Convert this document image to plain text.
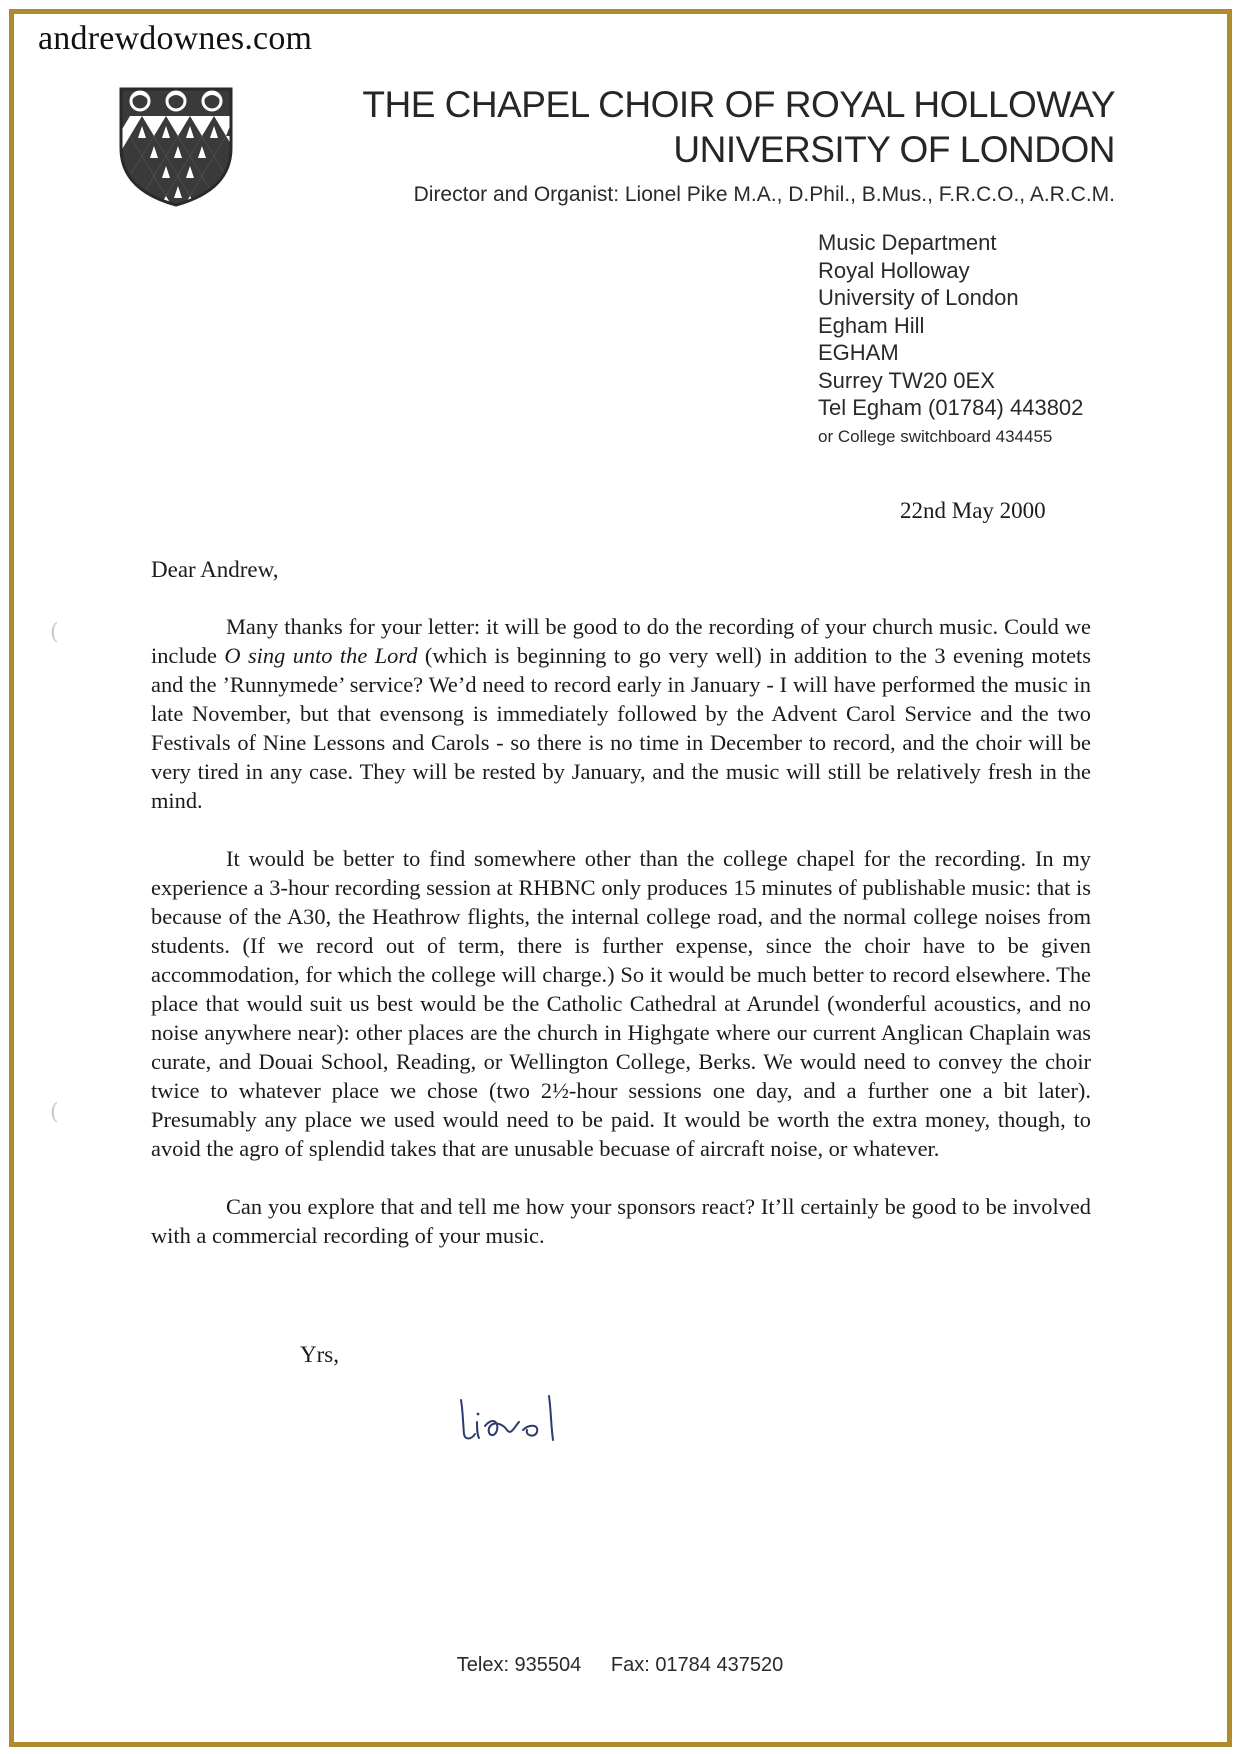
andrewdownes.com
THE CHAPEL CHOIR OF ROYAL HOLLOWAY
UNIVERSITY OF LONDON
Director and Organist: Lionel Pike M.A., D.Phil., B.Mus., F.R.C.O., A.R.C.M.
Music Department
Royal Holloway
University of London
Egham Hill
EGHAM
Surrey TW20 0EX
Tel Egham (01784) 443802
or College switchboard 434455
22nd May 2000
Dear Andrew,

Many thanks for your letter: it will be good to do the recording of your church music. Could we include O sing unto the Lord (which is beginning to go very well) in addition to the 3 evening motets and the ’Runnymede’ service? We’d need to record early in January - I will have performed the music in late November, but that evensong is immediately followed by the Advent Carol Service and the two Festivals of Nine Lessons and Carols - so there is no time in December to record, and the choir will be very tired in any case. They will be rested by January, and the music will still be relatively fresh in the mind.

It would be better to find somewhere other than the college chapel for the recording. In my experience a 3-hour recording session at RHBNC only produces 15 minutes of publishable music: that is because of the A30, the Heathrow flights, the internal college road, and the normal college noises from students. (If we record out of term, there is further expense, since the choir have to be given accommodation, for which the college will charge.) So it would be much better to record elsewhere. The place that would suit us best would be the Catholic Cathedral at Arundel (wonderful acoustics, and no noise anywhere near): other places are the church in Highgate where our current Anglican Chaplain was curate, and Douai School, Reading, or Wellington College, Berks. We would need to convey the choir twice to whatever place we chose (two 2½-hour sessions one day, and a further one a bit later). Presumably any place we used would need to be paid. It would be worth the extra money, though, to avoid the agro of splendid takes that are unusable becuase of aircraft noise, or whatever.

Can you explore that and tell me how your sponsors react? It’ll certainly be good to be involved with a commercial recording of your music.

Yrs,
Telex: 935504 Fax: 01784 437520
(
(
